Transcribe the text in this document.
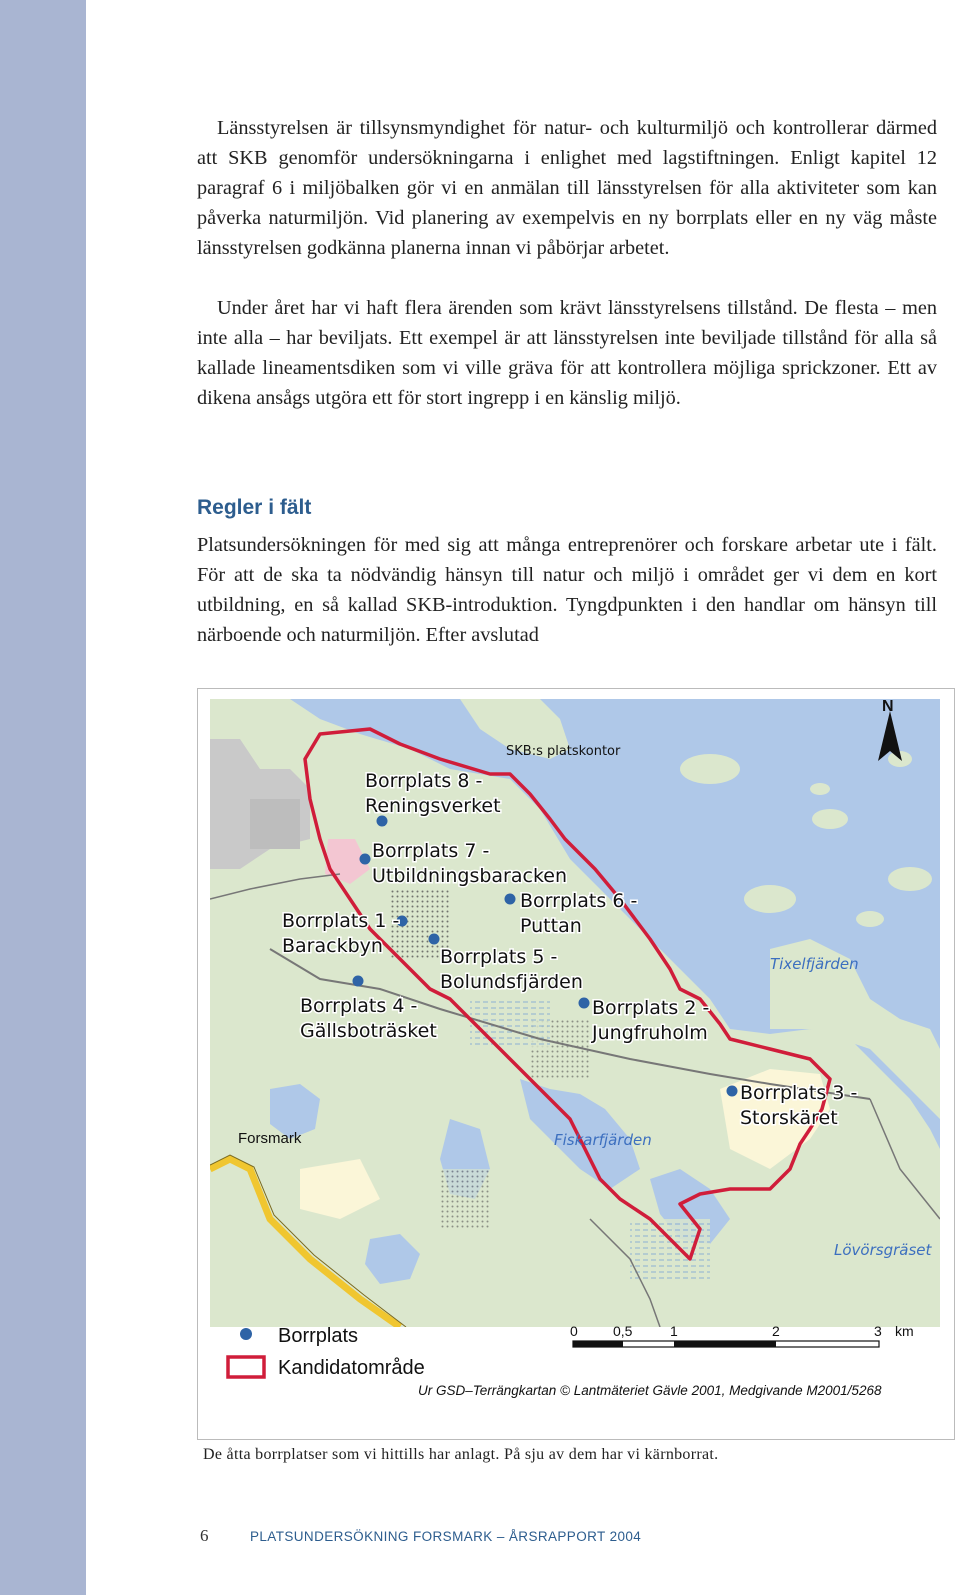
Länsstyrelsen är tillsynsmyndighet för natur- och kulturmiljö och kontrollerar därmed att SKB genomför undersökningarna i enlighet med lagstiftningen. Enligt kapitel 12 paragraf 6 i miljöbalken gör vi en anmälan till länsstyrelsen för alla aktiviteter som kan påverka naturmiljön. Vid planering av exempelvis en ny borrplats eller en ny väg måste länsstyrelsen godkänna planerna innan vi påbörjar arbetet.

Under året har vi haft flera ärenden som krävt länsstyrelsens tillstånd. De flesta – men inte alla – har beviljats. Ett exempel är att länsstyrelsen inte beviljade tillstånd för alla så kallade lineamentsdiken som vi ville gräva för att kontrollera möjliga sprickzoner. Ett av dikena ansågs utgöra ett för stort ingrepp i en känslig miljö.

Regler i fält

Platsundersökningen för med sig att många entreprenörer och forskare arbetar ute i fält. För att de ska ta nödvändig hänsyn till natur och miljö i området ger vi dem en kort utbildning, en så kallad SKB-introduktion. Tyngdpunkten i den handlar om hänsyn till närboende och naturmiljön. Efter avslutad

N
SKB:s platskontor
Borrplats 8 -
Reningsverket
Borrplats 7 -
Utbildningsbaracken
Borrplats 6 -
Puttan
Borrplats 1 -
Barackbyn	Borrplats 5 -
Bolundsfjärden
Borrplats 4 -
Gällsboträsket
Borrplats 2 -
Jungfruholm
Borrplats 3 -
Storskäret
Tixelfjärden
Fiskarfjärden
Lövörsgräset
Forsmark
Borrplats
Kandidatområde
0	0,5	1	2	3 km
Ur GSD–Terrängkartan © Lantmäteriet Gävle 2001, Medgivande M2001/5268
De åtta borrplatser som vi hittills har anlagt. På sju av dem har vi kärnborrat.
6	PLATSUNDERSÖKNING FORSMARK – ÅRSRAPPORT 2004
